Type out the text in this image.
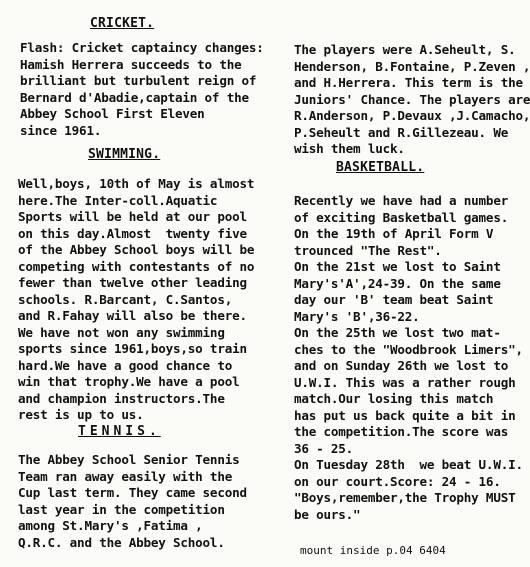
CRICKET.
Flash: Cricket captaincy changes:
Hamish Herrera succeeds to the
brilliant but turbulent reign of
Bernard d'Abadie,captain of the
Abbey School First Eleven
since 1961.
SWIMMING.
Well,boys, 10th of May is almost
here.The Inter-coll.Aquatic
Sports will be held at our pool
on this day.Almost  twenty five
of the Abbey School boys will be
competing with contestants of no
fewer than twelve other leading
schools. R.Barcant, C.Santos,
and R.Fahay will also be there.
We have not won any swimming
sports since 1961,boys,so train
hard.We have a good chance to
win that trophy.We have a pool
and champion instructors.The
rest is up to us.
TENNIS.
The Abbey School Senior Tennis
Team ran away easily with the
Cup last term. They came second
last year in the competition
among St.Mary's ,Fatima ,
Q.R.C. and the Abbey School.
The players were A.Seheult, S.
Henderson, B.Fontaine, P.Zeven ,
and H.Herrera. This term is the
Juniors' Chance. The players are
R.Anderson, P.Devaux ,J.Camacho,
P.Seheult and R.Gillezeau. We
wish them luck.
BASKETBALL.
Recently we have had a number
of exciting Basketball games.
On the 19th of April Form V
trounced "The Rest".
On the 21st we lost to Saint
Mary's'A',24-39. On the same
day our 'B' team beat Saint
Mary's 'B',36-22.
On the 25th we lost two mat-
ches to the "Woodbrook Limers",
and on Sunday 26th we lost to
U.W.I. This was a rather rough
match.Our losing this match
has put us back quite a bit in
the competition.The score was
36 - 25.
On Tuesday 28th  we beat U.W.I.
on our court.Score: 24 - 16.
"Boys,remember,the Trophy MUST
be ours."
mount inside p.04 6404
